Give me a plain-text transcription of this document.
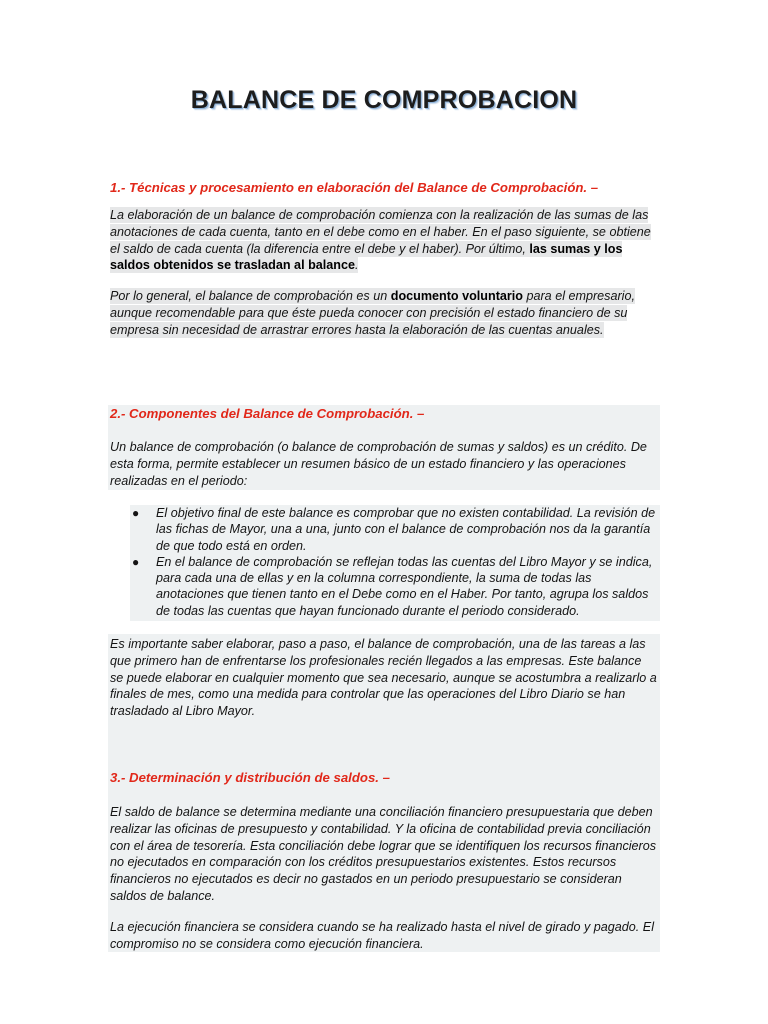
BALANCE DE COMPROBACION
1.- Técnicas y procesamiento en elaboración del Balance de Comprobación. –
La elaboración de un balance de comprobación comienza con la realización de las sumas de las anotaciones de cada cuenta, tanto en el debe como en el haber. En el paso siguiente, se obtiene el saldo de cada cuenta (la diferencia entre el debe y el haber). Por último, las sumas y los saldos obtenidos se trasladan al balance.
Por lo general, el balance de comprobación es un documento voluntario para el empresario, aunque recomendable para que éste pueda conocer con precisión el estado financiero de su empresa sin necesidad de arrastrar errores hasta la elaboración de las cuentas anuales.
2.- Componentes del Balance de Comprobación. –
Un balance de comprobación (o balance de comprobación de sumas y saldos) es un crédito. De esta forma, permite establecer un resumen básico de un estado financiero y las operaciones realizadas en el periodo:
● El objetivo final de este balance es comprobar que no existen contabilidad. La revisión de las fichas de Mayor, una a una, junto con el balance de comprobación nos da la garantía de que todo está en orden.
● En el balance de comprobación se reflejan todas las cuentas del Libro Mayor y se indica, para cada una de ellas y en la columna correspondiente, la suma de todas las anotaciones que tienen tanto en el Debe como en el Haber. Por tanto, agrupa los saldos de todas las cuentas que hayan funcionado durante el periodo considerado.
Es importante saber elaborar, paso a paso, el balance de comprobación, una de las tareas a las que primero han de enfrentarse los profesionales recién llegados a las empresas. Este balance se puede elaborar en cualquier momento que sea necesario, aunque se acostumbra a realizarlo a finales de mes, como una medida para controlar que las operaciones del Libro Diario se han trasladado al Libro Mayor.
3.- Determinación y distribución de saldos. –
El saldo de balance se determina mediante una conciliación financiero presupuestaria que deben realizar las oficinas de presupuesto y contabilidad. Y la oficina de contabilidad previa conciliación con el área de tesorería. Esta conciliación debe lograr que se identifiquen los recursos financieros no ejecutados en comparación con los créditos presupuestarios existentes. Estos recursos financieros no ejecutados es decir no gastados en un periodo presupuestario se consideran saldos de balance.
La ejecución financiera se considera cuando se ha realizado hasta el nivel de girado y pagado. El compromiso no se considera como ejecución financiera.
